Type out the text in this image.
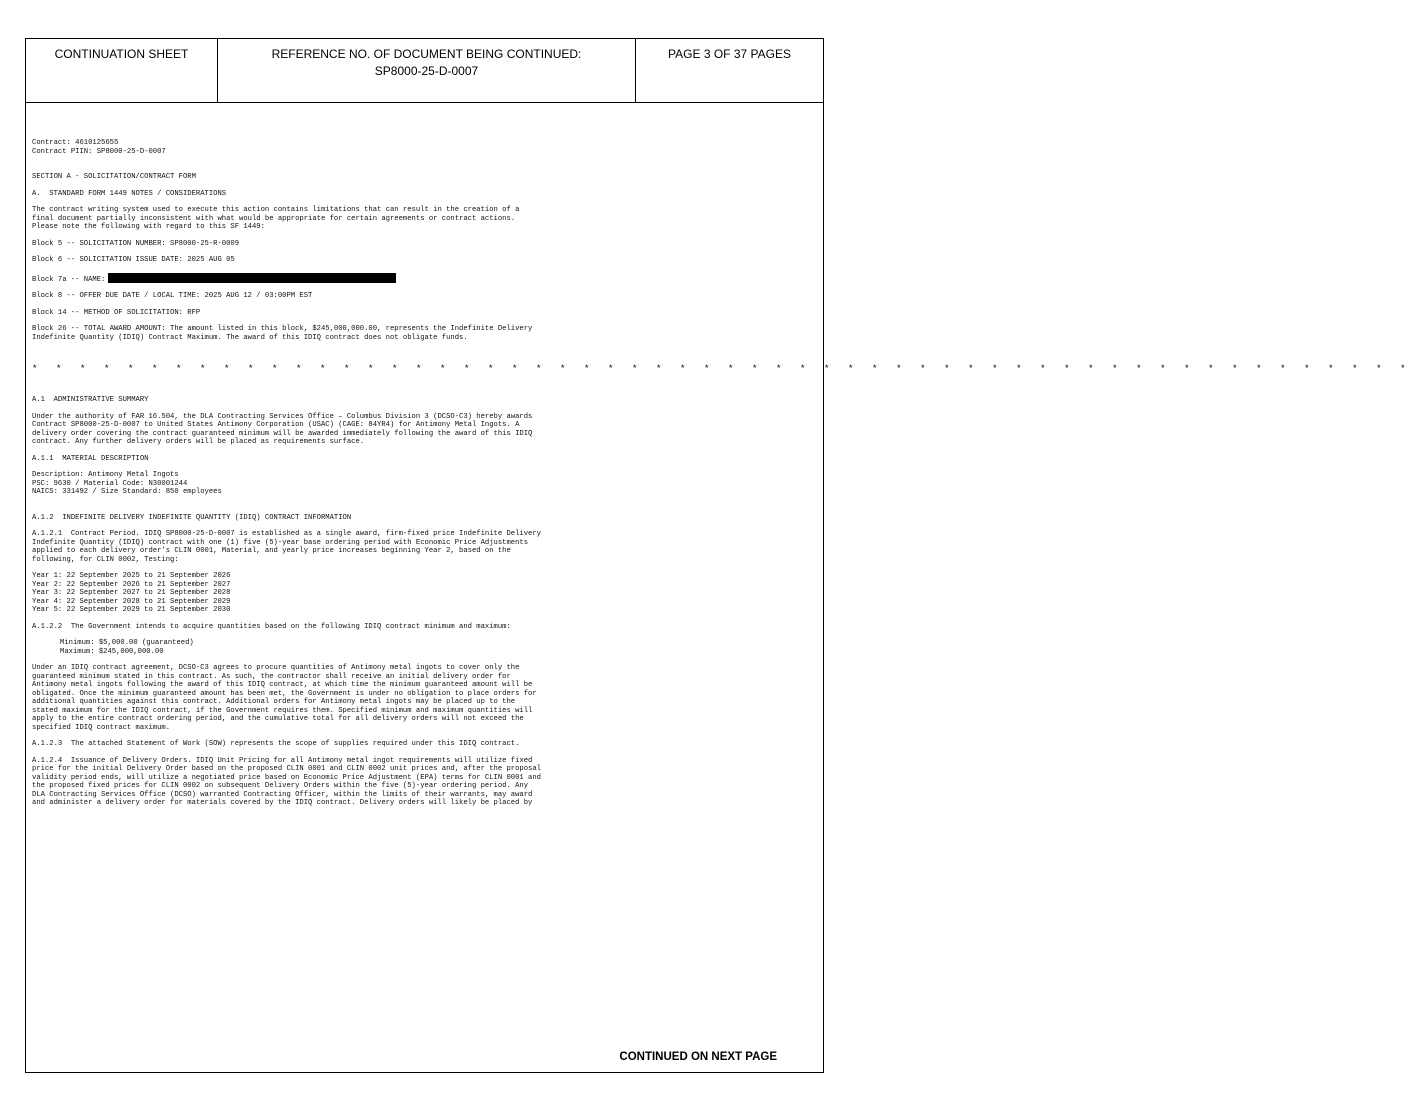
CONTINUATION SHEET	REFERENCE NO. OF DOCUMENT BEING CONTINUED:
SP8000-25-D-0007
PAGE 3 OF 37 PAGES

Contract: 4610125655

Contract PIIN: SP8000-25-D-0007

SECTION A - SOLICITATION/CONTRACT FORM

A.  STANDARD FORM 1449 NOTES / CONSIDERATIONS

The contract writing system used to execute this action contains limitations that can result in the creation of a
final document partially inconsistent with what would be appropriate for certain agreements or contract actions.
Please note the following with regard to this SF 1449:

Block 5 -- SOLICITATION NUMBER: SP8000-25-R-0009

Block 6 -- SOLICITATION ISSUE DATE: 2025 AUG 05

Block 7a -- NAME:

Block 8 -- OFFER DUE DATE / LOCAL TIME: 2025 AUG 12 / 03:00PM EST

Block 14 -- METHOD OF SOLICITATION: RFP

Block 26 -- TOTAL AWARD AMOUNT: The amount listed in this block, $245,000,000.00, represents the Indefinite Delivery
Indefinite Quantity (IDIQ) Contract Maximum. The award of this IDIQ contract does not obligate funds.

* * * * * * * * * * * * * * * * * * * * * * * * * * * * * * * * * * * * * * * * * * * * * * * * * * * * * * * * * *

A.1  ADMINISTRATIVE SUMMARY

Under the authority of FAR 16.504, the DLA Contracting Services Office – Columbus Division 3 (DCSO-C3) hereby awards
Contract SP8000-25-D-0007 to United States Antimony Corporation (USAC) (CAGE: 84YR4) for Antimony Metal Ingots. A
delivery order covering the contract guaranteed minimum will be awarded immediately following the award of this IDIQ
contract. Any further delivery orders will be placed as requirements surface.

A.1.1  MATERIAL DESCRIPTION

Description: Antimony Metal Ingots
PSC: 9630 / Material Code: N30001244
NAICS: 331492 / Size Standard: 850 employees

A.1.2  INDEFINITE DELIVERY INDEFINITE QUANTITY (IDIQ) CONTRACT INFORMATION

A.1.2.1  Contract Period. IDIQ SP8000-25-D-0007 is established as a single award, firm-fixed price Indefinite Delivery
Indefinite Quantity (IDIQ) contract with one (1) five (5)-year base ordering period with Economic Price Adjustments
applied to each delivery order’s CLIN 0001, Material, and yearly price increases beginning Year 2, based on the
following, for CLIN 0002, Testing:

Year 1: 22 September 2025 to 21 September 2026
Year 2: 22 September 2026 to 21 September 2027
Year 3: 22 September 2027 to 21 September 2028
Year 4: 22 September 2028 to 21 September 2029
Year 5: 22 September 2029 to 21 September 2030

A.1.2.2  The Government intends to acquire quantities based on the following IDIQ contract minimum and maximum:

Minimum: $5,000.00 (guaranteed)
Maximum: $245,000,000.00

Under an IDIQ contract agreement, DCSO-C3 agrees to procure quantities of Antimony metal ingots to cover only the
guaranteed minimum stated in this contract. As such, the contractor shall receive an initial delivery order for
Antimony metal ingots following the award of this IDIQ contract, at which time the minimum guaranteed amount will be
obligated. Once the minimum guaranteed amount has been met, the Government is under no obligation to place orders for
additional quantities against this contract. Additional orders for Antimony metal ingots may be placed up to the
stated maximum for the IDIQ contract, if the Government requires them. Specified minimum and maximum quantities will
apply to the entire contract ordering period, and the cumulative total for all delivery orders will not exceed the
specified IDIQ contract maximum.

A.1.2.3  The attached Statement of Work (SOW) represents the scope of supplies required under this IDIQ contract.

A.1.2.4  Issuance of Delivery Orders. IDIQ Unit Pricing for all Antimony metal ingot requirements will utilize fixed
price for the initial Delivery Order based on the proposed CLIN 0001 and CLIN 0002 unit prices and, after the proposal
validity period ends, will utilize a negotiated price based on Economic Price Adjustment (EPA) terms for CLIN 0001 and
the proposed fixed prices for CLIN 0002 on subsequent Delivery Orders within the five (5)-year ordering period. Any
DLA Contracting Services Office (DCSO) warranted Contracting Officer, within the limits of their warrants, may award
and administer a delivery order for materials covered by the IDIQ contract. Delivery orders will likely be placed by

CONTINUED ON NEXT PAGE
